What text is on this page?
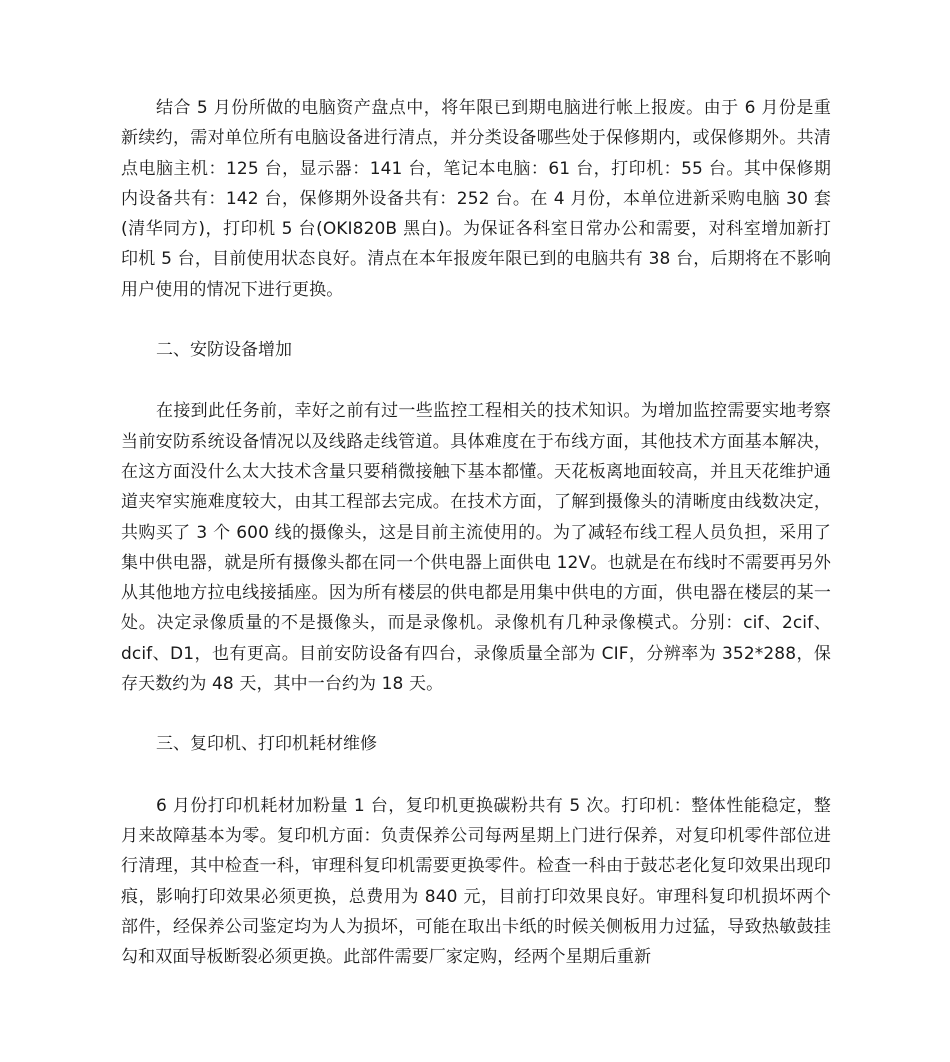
结合 5 月份所做的电脑资产盘点中，将年限已到期电脑进行帐上报废。由于 6 月份是重新续约，需对单位所有电脑设备进行清点，并分类设备哪些处于保修期内，或保修期外。共清点电脑主机：125 台，显示器：141 台，笔记本电脑：61 台，打印机：55 台。其中保修期内设备共有：142 台，保修期外设备共有：252 台。在 4 月份，本单位进新采购电脑 30 套(清华同方)，打印机 5 台(OKI820B 黑白)。为保证各科室日常办公和需要，对科室增加新打印机 5 台，目前使用状态良好。清点在本年报废年限已到的电脑共有 38 台，后期将在不影响用户使用的情况下进行更换。

二、安防设备增加

在接到此任务前，幸好之前有过一些监控工程相关的技术知识。为增加监控需要实地考察当前安防系统设备情况以及线路走线管道。具体难度在于布线方面，其他技术方面基本解决，在这方面没什么太大技术含量只要稍微接触下基本都懂。天花板离地面较高，并且天花维护通道夹窄实施难度较大，由其工程部去完成。在技术方面，了解到摄像头的清晰度由线数决定，共购买了 3 个 600 线的摄像头，这是目前主流使用的。为了减轻布线工程人员负担，采用了集中供电器，就是所有摄像头都在同一个供电器上面供电 12V。也就是在布线时不需要再另外从其他地方拉电线接插座。因为所有楼层的供电都是用集中供电的方面，供电器在楼层的某一处。决定录像质量的不是摄像头，而是录像机。录像机有几种录像模式。分别：cif、2cif、dcif、D1，也有更高。目前安防设备有四台，录像质量全部为 CIF，分辨率为 352*288，保存天数约为 48 天，其中一台约为 18 天。

三、复印机、打印机耗材维修

6 月份打印机耗材加粉量 1 台，复印机更换碳粉共有 5 次。打印机：整体性能稳定，整月来故障基本为零。复印机方面：负责保养公司每两星期上门进行保养，对复印机零件部位进行清理，其中检查一科，审理科复印机需要更换零件。检查一科由于鼓芯老化复印效果出现印痕，影响打印效果必须更换，总费用为 840 元，目前打印效果良好。审理科复印机损坏两个部件，经保养公司鉴定均为人为损坏，可能在取出卡纸的时候关侧板用力过猛，导致热敏鼓挂勾和双面导板断裂必须更换。此部件需要厂家定购，经两个星期后重新
